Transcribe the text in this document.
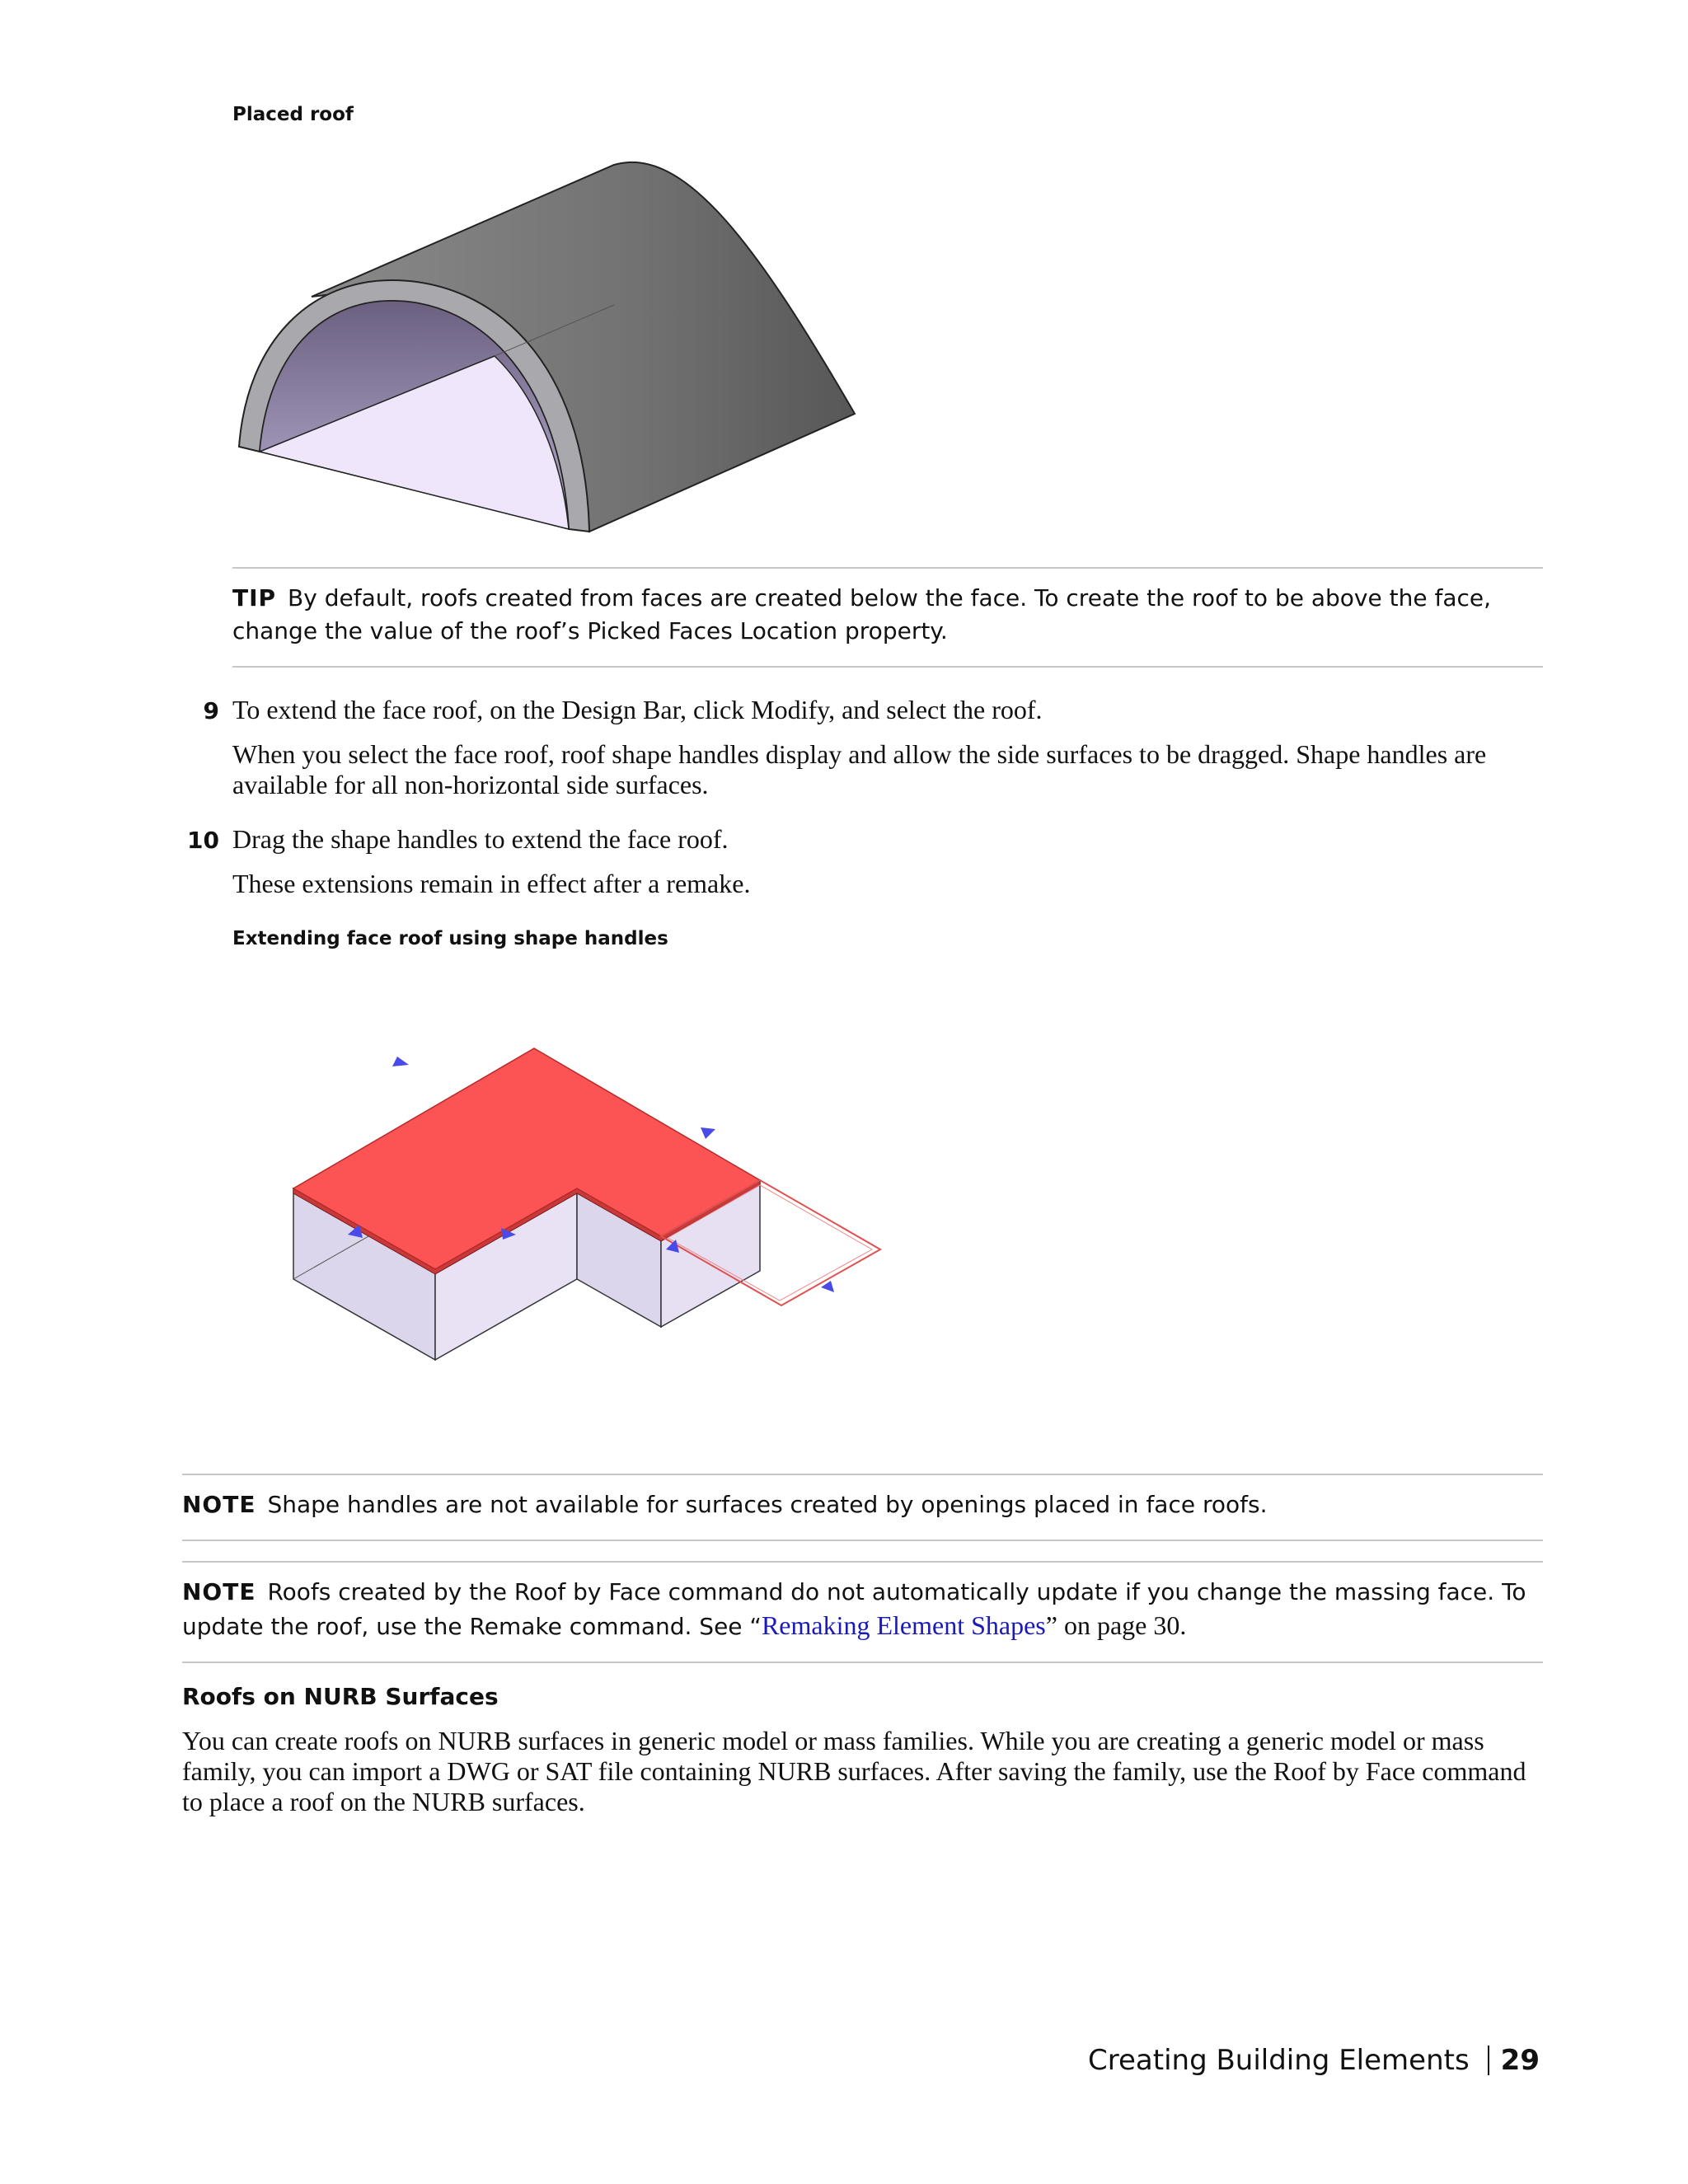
Placed roof
TIP By default, roofs created from faces are created below the face. To create the roof to be above the face, change the value of the roof’s Picked Faces Location property.
9 To extend the face roof, on the Design Bar, click Modify, and select the roof.
When you select the face roof, roof shape handles display and allow the side surfaces to be dragged. Shape handles are available for all non-horizontal side surfaces.
10 Drag the shape handles to extend the face roof.
These extensions remain in effect after a remake.
Extending face roof using shape handles
NOTE Shape handles are not available for surfaces created by openings placed in face roofs.
NOTE Roofs created by the Roof by Face command do not automatically update if you change the massing face. To update the roof, use the Remake command. See “Remaking Element Shapes” on page 30.
Roofs on NURB Surfaces
You can create roofs on NURB surfaces in generic model or mass families. While you are creating a generic model or mass family, you can import a DWG or SAT file containing NURB surfaces. After saving the family, use the Roof by Face command to place a roof on the NURB surfaces.
Creating Building Elements 29
